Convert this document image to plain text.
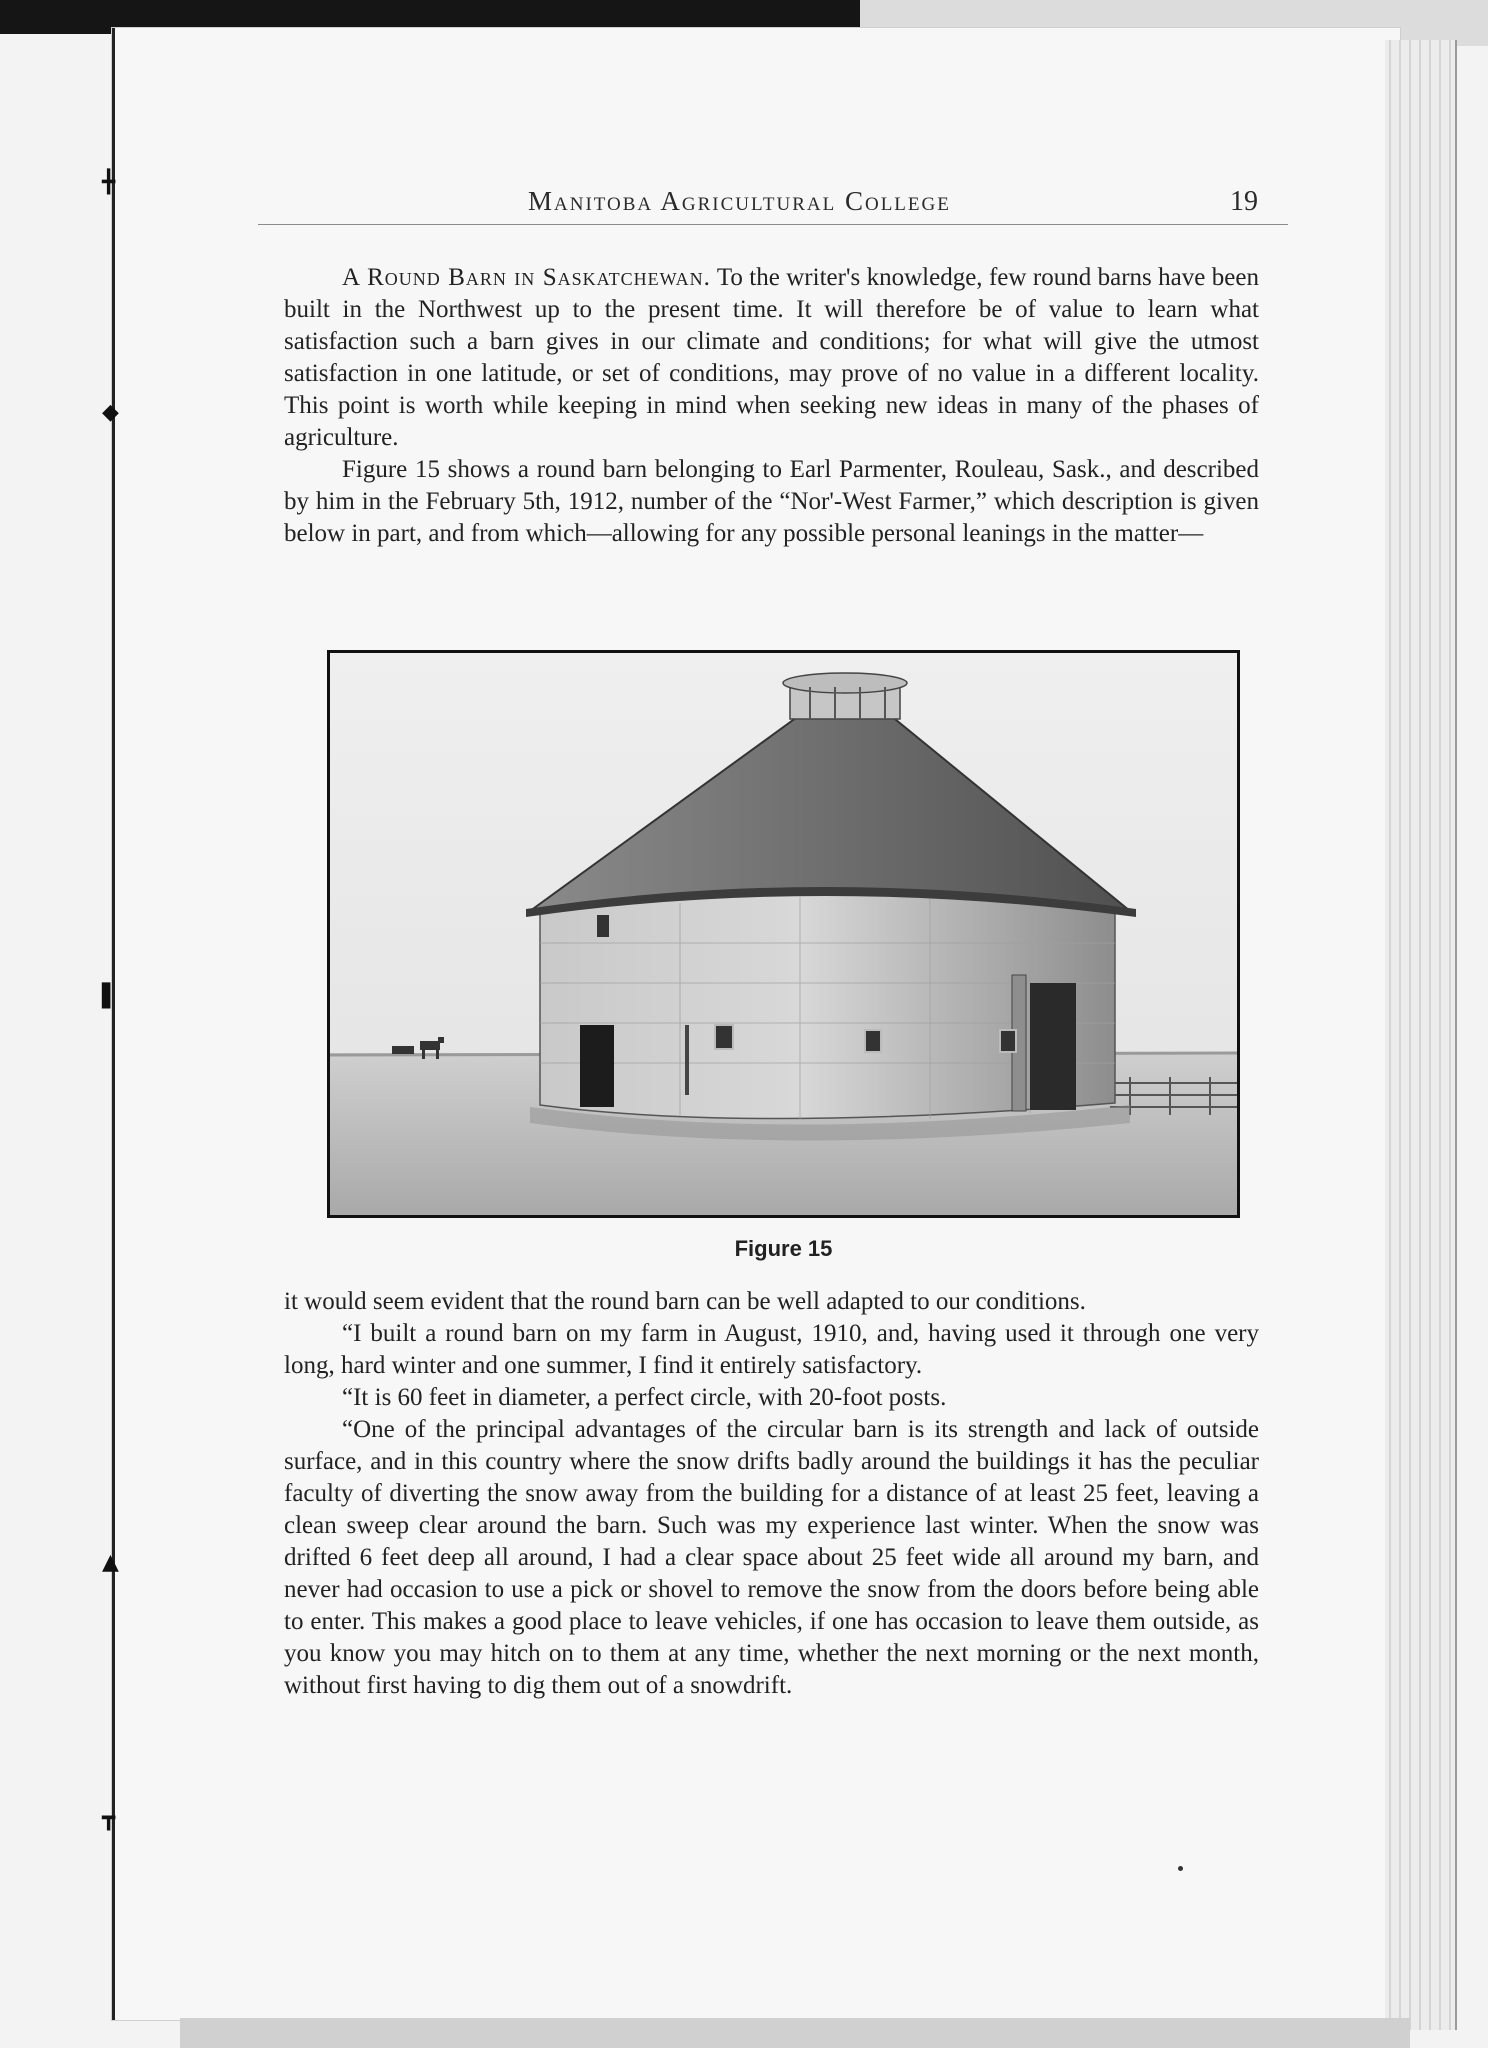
╋
◆
▌
▲
┳
Manitoba Agricultural College	19

A Round Barn in Saskatchewan. To the writer's knowledge, few round barns have been built in the Northwest up to the present time. It will therefore be of value to learn what satisfaction such a barn gives in our climate and conditions; for what will give the utmost satisfaction in one latitude, or set of conditions, may prove of no value in a different locality. This point is worth while keeping in mind when seeking new ideas in many of the phases of agriculture.

Figure 15 shows a round barn belonging to Earl Parmenter, Rouleau, Sask., and described by him in the February 5th, 1912, number of the “Nor'-West Farmer,” which description is given below in part, and from which—allowing for any possible personal leanings in the matter—

Figure 15

it would seem evident that the round barn can be well adapted to our conditions.

“I built a round barn on my farm in August, 1910, and, having used it through one very long, hard winter and one summer, I find it entirely satisfactory.

“It is 60 feet in diameter, a perfect circle, with 20-foot posts.

“One of the principal advantages of the circular barn is its strength and lack of outside surface, and in this country where the snow drifts badly around the buildings it has the peculiar faculty of diverting the snow away from the building for a distance of at least 25 feet, leaving a clean sweep clear around the barn. Such was my experience last winter. When the snow was drifted 6 feet deep all around, I had a clear space about 25 feet wide all around my barn, and never had occasion to use a pick or shovel to remove the snow from the doors before being able to enter. This makes a good place to leave vehicles, if one has occasion to leave them outside, as you know you may hitch on to them at any time, whether the next morning or the next month, without first having to dig them out of a snowdrift.
